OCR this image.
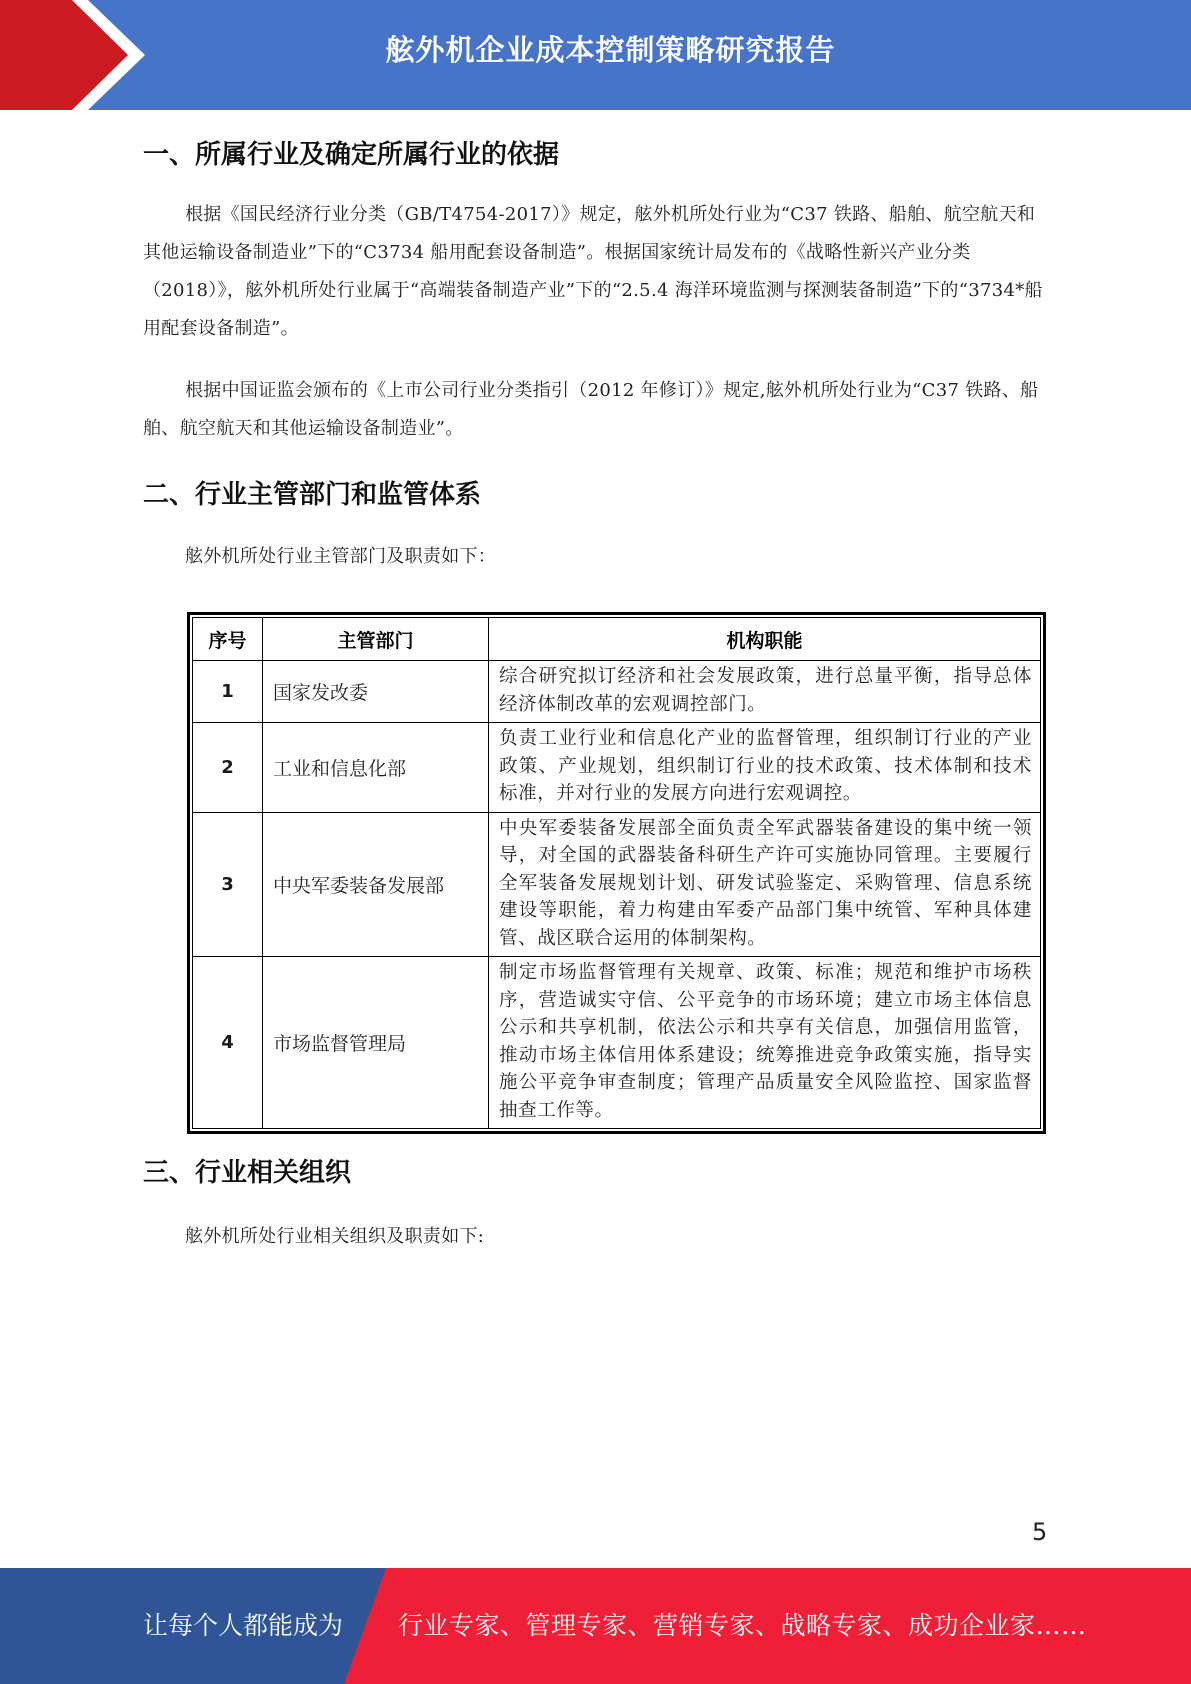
舷外机企业成本控制策略研究报告
一、所属行业及确定所属行业的依据

根据《国民经济行业分类（GB/T4754-2017）》规定，舷外机所处行业为“C37 铁路、船舶、航空航天和其他运输设备制造业”下的“C3734 船用配套设备制造”。根据国家统计局发布的《战略性新兴产业分类（2018）》，舷外机所处行业属于“高端装备制造产业”下的“2.5.4 海洋环境监测与探测装备制造”下的“3734*船用配套设备制造”。

根据中国证监会颁布的《上市公司行业分类指引（2012 年修订）》规定,舷外机所处行业为“C37 铁路、船舶、航空航天和其他运输设备制造业”。

二、行业主管部门和监管体系

舷外机所处行业主管部门及职责如下：

序号	主管部门	机构职能
1	国家发改委	综合研究拟订经济和社会发展政策，进行总量平衡，指导总体经济体制改革的宏观调控部门。
2	工业和信息化部	负责工业行业和信息化产业的监督管理，组织制订行业的产业政策、产业规划，组织制订行业的技术政策、技术体制和技术标准，并对行业的发展方向进行宏观调控。
3	中央军委装备发展部	中央军委装备发展部全面负责全军武器装备建设的集中统一领导，对全国的武器装备科研生产许可实施协同管理。主要履行全军装备发展规划计划、研发试验鉴定、采购管理、信息系统建设等职能，着力构建由军委产品部门集中统管、军种具体建管、战区联合运用的体制架构。
4	市场监督管理局	制定市场监督管理有关规章、政策、标准；规范和维护市场秩序，营造诚实守信、公平竞争的市场环境；建立市场主体信息公示和共享机制，依法公示和共享有关信息，加强信用监管，推动市场主体信用体系建设；统筹推进竞争政策实施，指导实施公平竞争审查制度；管理产品质量安全风险监控、国家监督抽查工作等。
三、行业相关组织

舷外机所处行业相关组织及职责如下:

5
让每个人都能成为 行业专家、管理专家、营销专家、战略专家、成功企业家……
